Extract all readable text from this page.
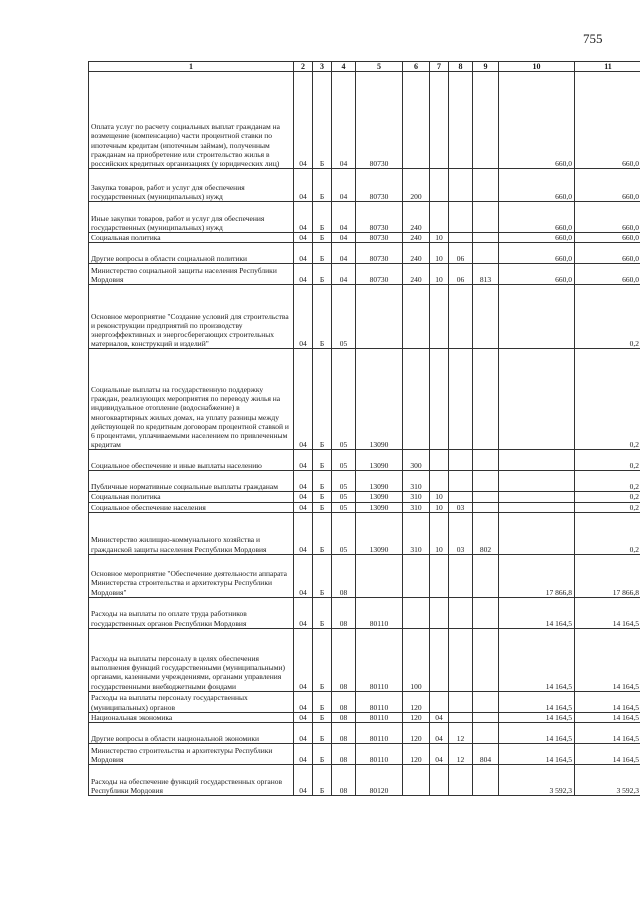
755
1	2	3	4	5	6	7	8	9	10	11
Оплата услуг по расчету социальных выплат гражданам на возмещение (компенсацию) части процентной ставки по ипотечным кредитам (ипотечным займам), полученным гражданам на приобретение или строительство жилья в российских кредитных организациях (у юридических лиц)	04	Б	04	80730					660,0	660,0
Закупка товаров, работ и услуг для обеспечения государственных (муниципальных) нужд	04	Б	04	80730	200				660,0	660,0
Иные закупки товаров, работ и услуг для обеспечения государственных (муниципальных) нужд	04	Б	04	80730	240				660,0	660,0
Социальная политика	04	Б	04	80730	240	10			660,0	660,0
Другие вопросы в области социальной политики	04	Б	04	80730	240	10	06		660,0	660,0
Министерство социальной защиты населения Республики Мордовия	04	Б	04	80730	240	10	06	813	660,0	660,0
Основное мероприятие "Создание условий для строительства и реконструкции предприятий по производству энергоэффективных и энергосберегающих строительных материалов, конструкций и изделий"	04	Б	05							0,2
Социальные выплаты на государственную поддержку граждан, реализующих мероприятия по переводу жилья на индивидуальное отопление (водоснабжение) в многоквартирных жилых домах, на уплату разницы между действующей по кредитным договорам процентной ставкой и 6 процентами, уплачиваемыми населением по привлеченным кредитам	04	Б	05	13090						0,2
Социальное обеспечение и иные выплаты населению	04	Б	05	13090	300					0,2
Публичные нормативные социальные выплаты гражданам	04	Б	05	13090	310					0,2
Социальная политика	04	Б	05	13090	310	10				0,2
Социальное обеспечение населения	04	Б	05	13090	310	10	03			0,2
Министерство жилищно-коммунального хозяйства и гражданской защиты населения Республики Мордовия	04	Б	05	13090	310	10	03	802		0,2
Основное мероприятие "Обеспечение деятельности аппарата Министерства строительства и архитектуры Республики Мордовия"	04	Б	08						17 866,8	17 866,8
Расходы на выплаты по оплате труда работников государственных органов Республики Мордовия	04	Б	08	80110					14 164,5	14 164,5
Расходы на выплаты персоналу в целях обеспечения выполнения функций государственными (муниципальными) органами, казенными учреждениями, органами управления государственными внебюджетными фондами	04	Б	08	80110	100				14 164,5	14 164,5
Расходы на выплаты персоналу государственных (муниципальных) органов	04	Б	08	80110	120				14 164,5	14 164,5
Национальная экономика	04	Б	08	80110	120	04			14 164,5	14 164,5
Другие вопросы в области национальной экономики	04	Б	08	80110	120	04	12		14 164,5	14 164,5
Министерство строительства и архитектуры Республики Мордовия	04	Б	08	80110	120	04	12	804	14 164,5	14 164,5
Расходы на обеспечение функций государственных органов Республики Мордовия	04	Б	08	80120					3 592,3	3 592,3
